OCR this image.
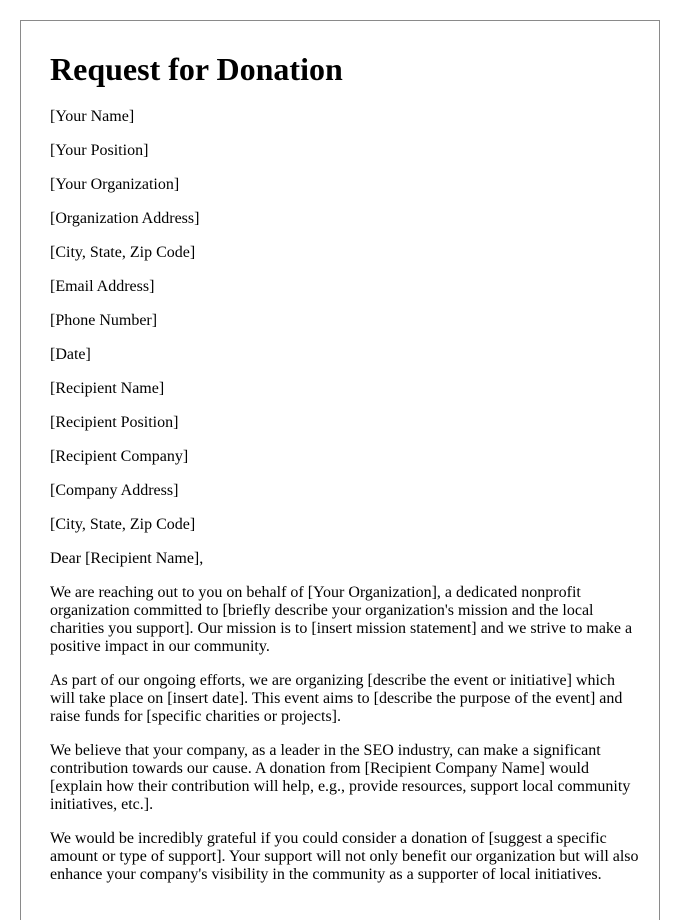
Request for Donation

[Your Name]

[Your Position]

[Your Organization]

[Organization Address]

[City, State, Zip Code]

[Email Address]

[Phone Number]

[Date]

[Recipient Name]

[Recipient Position]

[Recipient Company]

[Company Address]

[City, State, Zip Code]

Dear [Recipient Name],

We are reaching out to you on behalf of [Your Organization], a dedicated nonprofit organization committed to [briefly describe your organization's mission and the local charities you support]. Our mission is to [insert mission statement] and we strive to make a positive impact in our community.

As part of our ongoing efforts, we are organizing [describe the event or initiative] which will take place on [insert date]. This event aims to [describe the purpose of the event] and raise funds for [specific charities or projects].

We believe that your company, as a leader in the SEO industry, can make a significant contribution towards our cause. A donation from [Recipient Company Name] would [explain how their contribution will help, e.g., provide resources, support local community initiatives, etc.].

We would be incredibly grateful if you could consider a donation of [suggest a specific amount or type of support]. Your support will not only benefit our organization but will also enhance your company's visibility in the community as a supporter of local initiatives.
